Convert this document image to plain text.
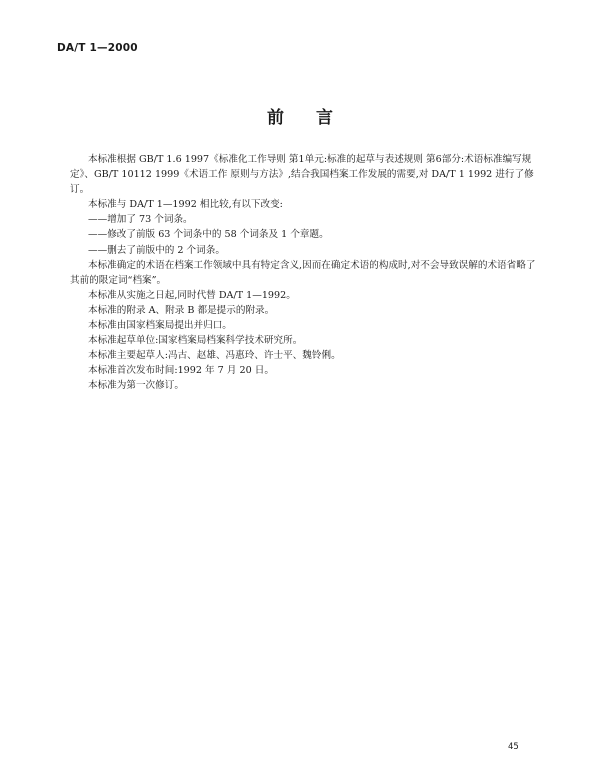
DA/T 1—2000
前言

本标准根据 GB/T 1.6 1997《标准化工作导则 第1单元:标准的起草与表述规则 第6部分:术语标准编写规定》、GB/T 10112 1999《术语工作 原则与方法》,结合我国档案工作发展的需要,对 DA/T 1 1992 进行了修订。

本标准与 DA/T 1—1992 相比较,有以下改变:

——增加了 73 个词条。

——修改了前版 63 个词条中的 58 个词条及 1 个章题。

——删去了前版中的 2 个词条。

本标准确定的术语在档案工作领域中具有特定含义,因而在确定术语的构成时,对不会导致误解的术语省略了其前的限定词“档案”。

本标准从实施之日起,同时代替 DA/T 1—1992。

本标准的附录 A、附录 B 都是提示的附录。

本标准由国家档案局提出并归口。

本标准起草单位:国家档案局档案科学技术研究所。

本标准主要起草人:冯古、赵雄、冯惠玲、许士平、魏铃俐。

本标准首次发布时间:1992 年 7 月 20 日。

本标准为第一次修订。

45
